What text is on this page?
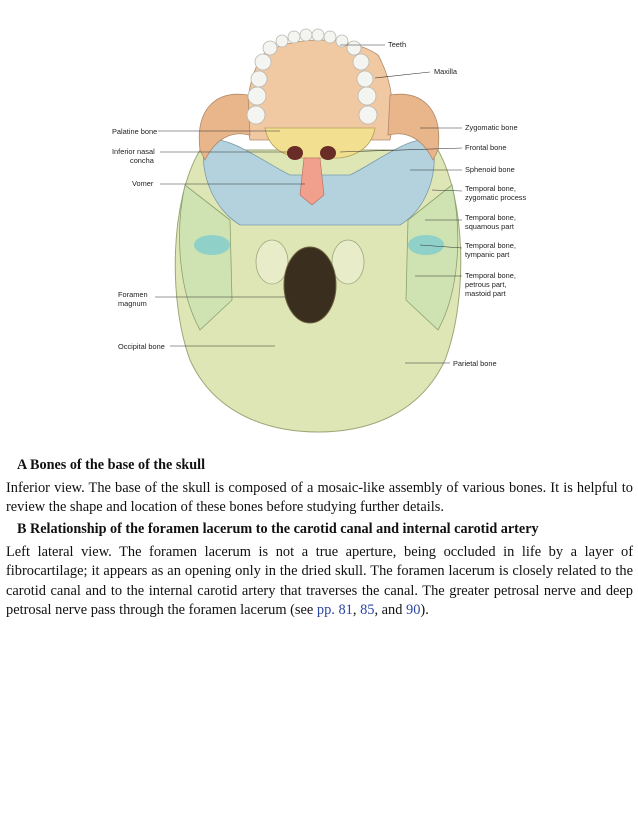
Teeth
Maxilla
Zygomatic bone
Frontal bone
Sphenoid bone
Temporal bone,
zygomatic process
Temporal bone,
squamous part
Temporal bone,
tympanic part
Temporal bone,
petrous part,
mastoid part
Parietal bone
Palatine bone
Inferior nasal
concha
Vomer
Foramen
magnum
Occipital bone
A Bones of the base of the skull
Inferior view. The base of the skull is composed of a mosaic-like assembly of various bones. It is helpful to review the shape and location of these bones before studying further details.
B Relationship of the foramen lacerum to the carotid canal and internal carotid artery
Left lateral view. The foramen lacerum is not a true aperture, being occluded in life by a layer of fibrocartilage; it appears as an opening only in the dried skull. The foramen lacerum is closely related to the carotid canal and to the internal carotid artery that traverses the canal. The greater petrosal nerve and deep petrosal nerve pass through the foramen lacerum (see pp. 81, 85, and 90).
